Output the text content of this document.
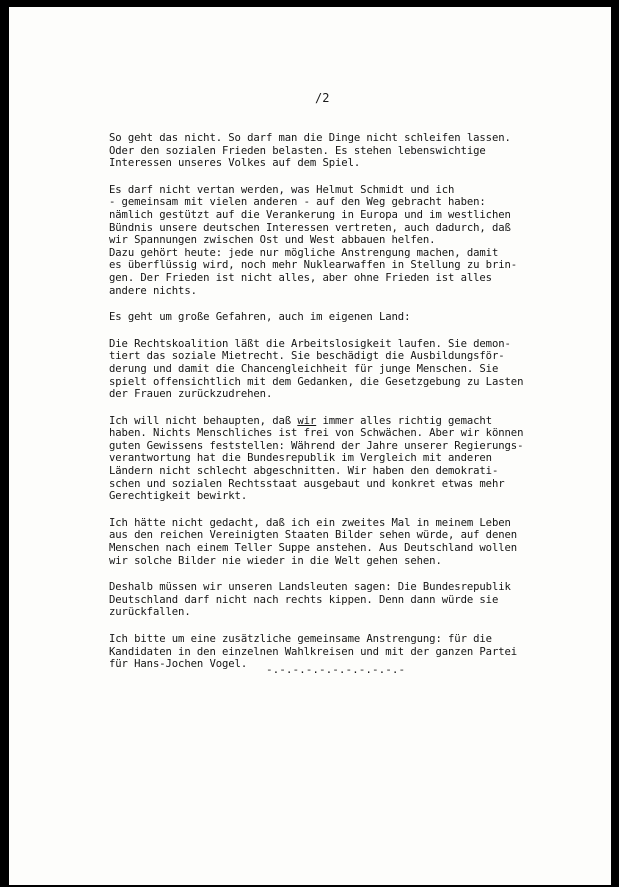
/2

So geht das nicht. So darf man die Dinge nicht schleifen lassen.
Oder den sozialen Frieden belasten. Es stehen lebenswichtige
Interessen unseres Volkes auf dem Spiel.

Es darf nicht vertan werden, was Helmut Schmidt und ich
- gemeinsam mit vielen anderen - auf den Weg gebracht haben:
nämlich gestützt auf die Verankerung in Europa und im westlichen
Bündnis unsere deutschen Interessen vertreten, auch dadurch, daß
wir Spannungen zwischen Ost und West abbauen helfen.
Dazu gehört heute: jede nur mögliche Anstrengung machen, damit
es überflüssig wird, noch mehr Nuklearwaffen in Stellung zu brin-
gen. Der Frieden ist nicht alles, aber ohne Frieden ist alles
andere nichts.

Es geht um große Gefahren, auch im eigenen Land:

Die Rechtskoalition läßt die Arbeitslosigkeit laufen. Sie demon-
tiert das soziale Mietrecht. Sie beschädigt die Ausbildungsför-
derung und damit die Chancengleichheit für junge Menschen. Sie
spielt offensichtlich mit dem Gedanken, die Gesetzgebung zu Lasten
der Frauen zurückzudrehen.

Ich will nicht behaupten, daß wir immer alles richtig gemacht
haben. Nichts Menschliches ist frei von Schwächen. Aber wir können
guten Gewissens feststellen: Während der Jahre unserer Regierungs-
verantwortung hat die Bundesrepublik im Vergleich mit anderen
Ländern nicht schlecht abgeschnitten. Wir haben den demokrati-
schen und sozialen Rechtsstaat ausgebaut und konkret etwas mehr
Gerechtigkeit bewirkt.

Ich hätte nicht gedacht, daß ich ein zweites Mal in meinem Leben
aus den reichen Vereinigten Staaten Bilder sehen würde, auf denen
Menschen nach einem Teller Suppe anstehen. Aus Deutschland wollen
wir solche Bilder nie wieder in die Welt gehen sehen.

Deshalb müssen wir unseren Landsleuten sagen: Die Bundesrepublik
Deutschland darf nicht nach rechts kippen. Denn dann würde sie
zurückfallen.

Ich bitte um eine zusätzliche gemeinsame Anstrengung: für die
Kandidaten in den einzelnen Wahlkreisen und mit der ganzen Partei
für Hans-Jochen Vogel.	-.-.-.-.-.-.-.-.-.-.-
